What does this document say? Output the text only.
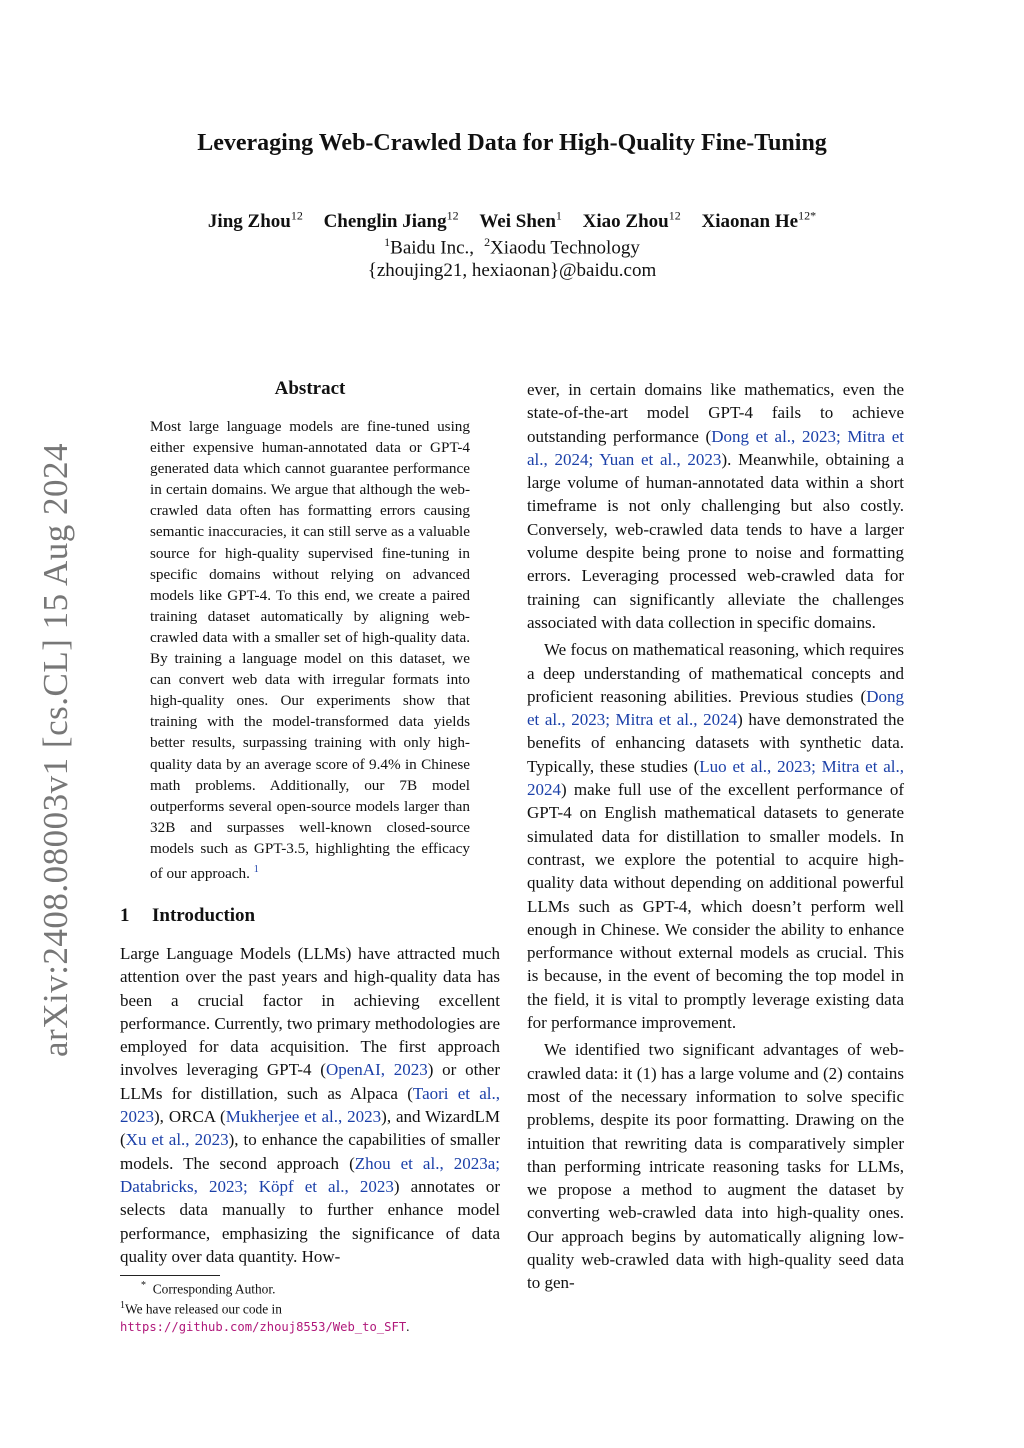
arXiv:2408.08003v1 [cs.CL] 15 Aug 2024
Leveraging Web-Crawled Data for High-Quality Fine-Tuning
Jing Zhou$^{12}$ Chenglin Jiang$^{12}$ Wei Shen$^1$ Xiao Zhou$^{12}$ Xiaonan $He^{12*}$
$^1$Baidu Inc., $^2$Xiaodu Technology
{zhoujing21, hexiaonan}@baidu.com
Abstract
Most large language models are fine-tuned using either expensive human-annotated data or GPT-4 generated data which cannot guarantee performance in certain domains. We argue that although the web-crawled data often has formatting errors causing semantic inaccuracies, it can still serve as a valuable source for high-quality supervised fine-tuning in specific domains without relying on advanced models like GPT-4. To this end, we create a paired training dataset automatically by aligning web-crawled data with a smaller set of high-quality data. By training a language model on this dataset, we can convert web data with irregular formats into high-quality ones. Our experiments show that training with the model-transformed data yields better results, surpassing training with only high-quality data by an average score of 9.4% in Chinese math problems. Additionally, our 7B model outperforms several open-source models larger than 32B and surpasses well-known closed-source models such as GPT-3.5, highlighting the efficacy of our approach. $^1$
1 Introduction
Large Language Models (LLMs) have attracted much attention over the past years and high-quality data has been a crucial factor in achieving excellent performance. Currently, two primary methodologies are employed for data acquisition. The first approach involves leveraging GPT-4 (OpenAI, 2023) or other LLMs for distillation, such as Alpaca (Taori et al., 2023), ORCA (Mukherjee et al., 2023), and WizardLM (Xu et al., 2023), to enhance the capabilities of smaller models. The second approach (Zhou et al., 2023a; Databricks, 2023; Köpf et al., 2023) annotates or selects data manually to further enhance model performance, emphasizing the significance of data quality over data quantity. How-

ever, in certain domains like mathematics, even the state-of-the-art model GPT-4 fails to achieve outstanding performance (Dong et al., 2023; Mitra et al., 2024; Yuan et al., 2023). Meanwhile, obtaining a large volume of human-annotated data within a short timeframe is not only challenging but also costly. Conversely, web-crawled data tends to have a larger volume despite being prone to noise and formatting errors. Leveraging processed web-crawled data for training can significantly alleviate the challenges associated with data collection in specific domains.

We focus on mathematical reasoning, which requires a deep understanding of mathematical concepts and proficient reasoning abilities. Previous studies (Dong et al., 2023; Mitra et al., 2024) have demonstrated the benefits of enhancing datasets with synthetic data. Typically, these studies (Luo et al., 2023; Mitra et al., 2024) make full use of the excellent performance of GPT-4 on English mathematical datasets to generate simulated data for distillation to smaller models. In contrast, we explore the potential to acquire high-quality data without depending on additional powerful LLMs such as GPT-4, which doesn’t perform well enough in Chinese. We consider the ability to enhance performance without external models as crucial. This is because, in the event of becoming the top model in the field, it is vital to promptly leverage existing data for performance improvement.

We identified two significant advantages of web-crawled data: it (1) has a large volume and (2) contains most of the necessary information to solve specific problems, despite its poor formatting. Drawing on the intuition that rewriting data is comparatively simpler than performing intricate reasoning tasks for LLMs, we propose a method to augment the dataset by converting web-crawled data into high-quality ones. Our approach begins by automatically aligning low-quality web-crawled data with high-quality seed data to gen-

* Corresponding Author.
$^1$We have released our code in https://github.com/zhouj8553/Web_to_SFT.
